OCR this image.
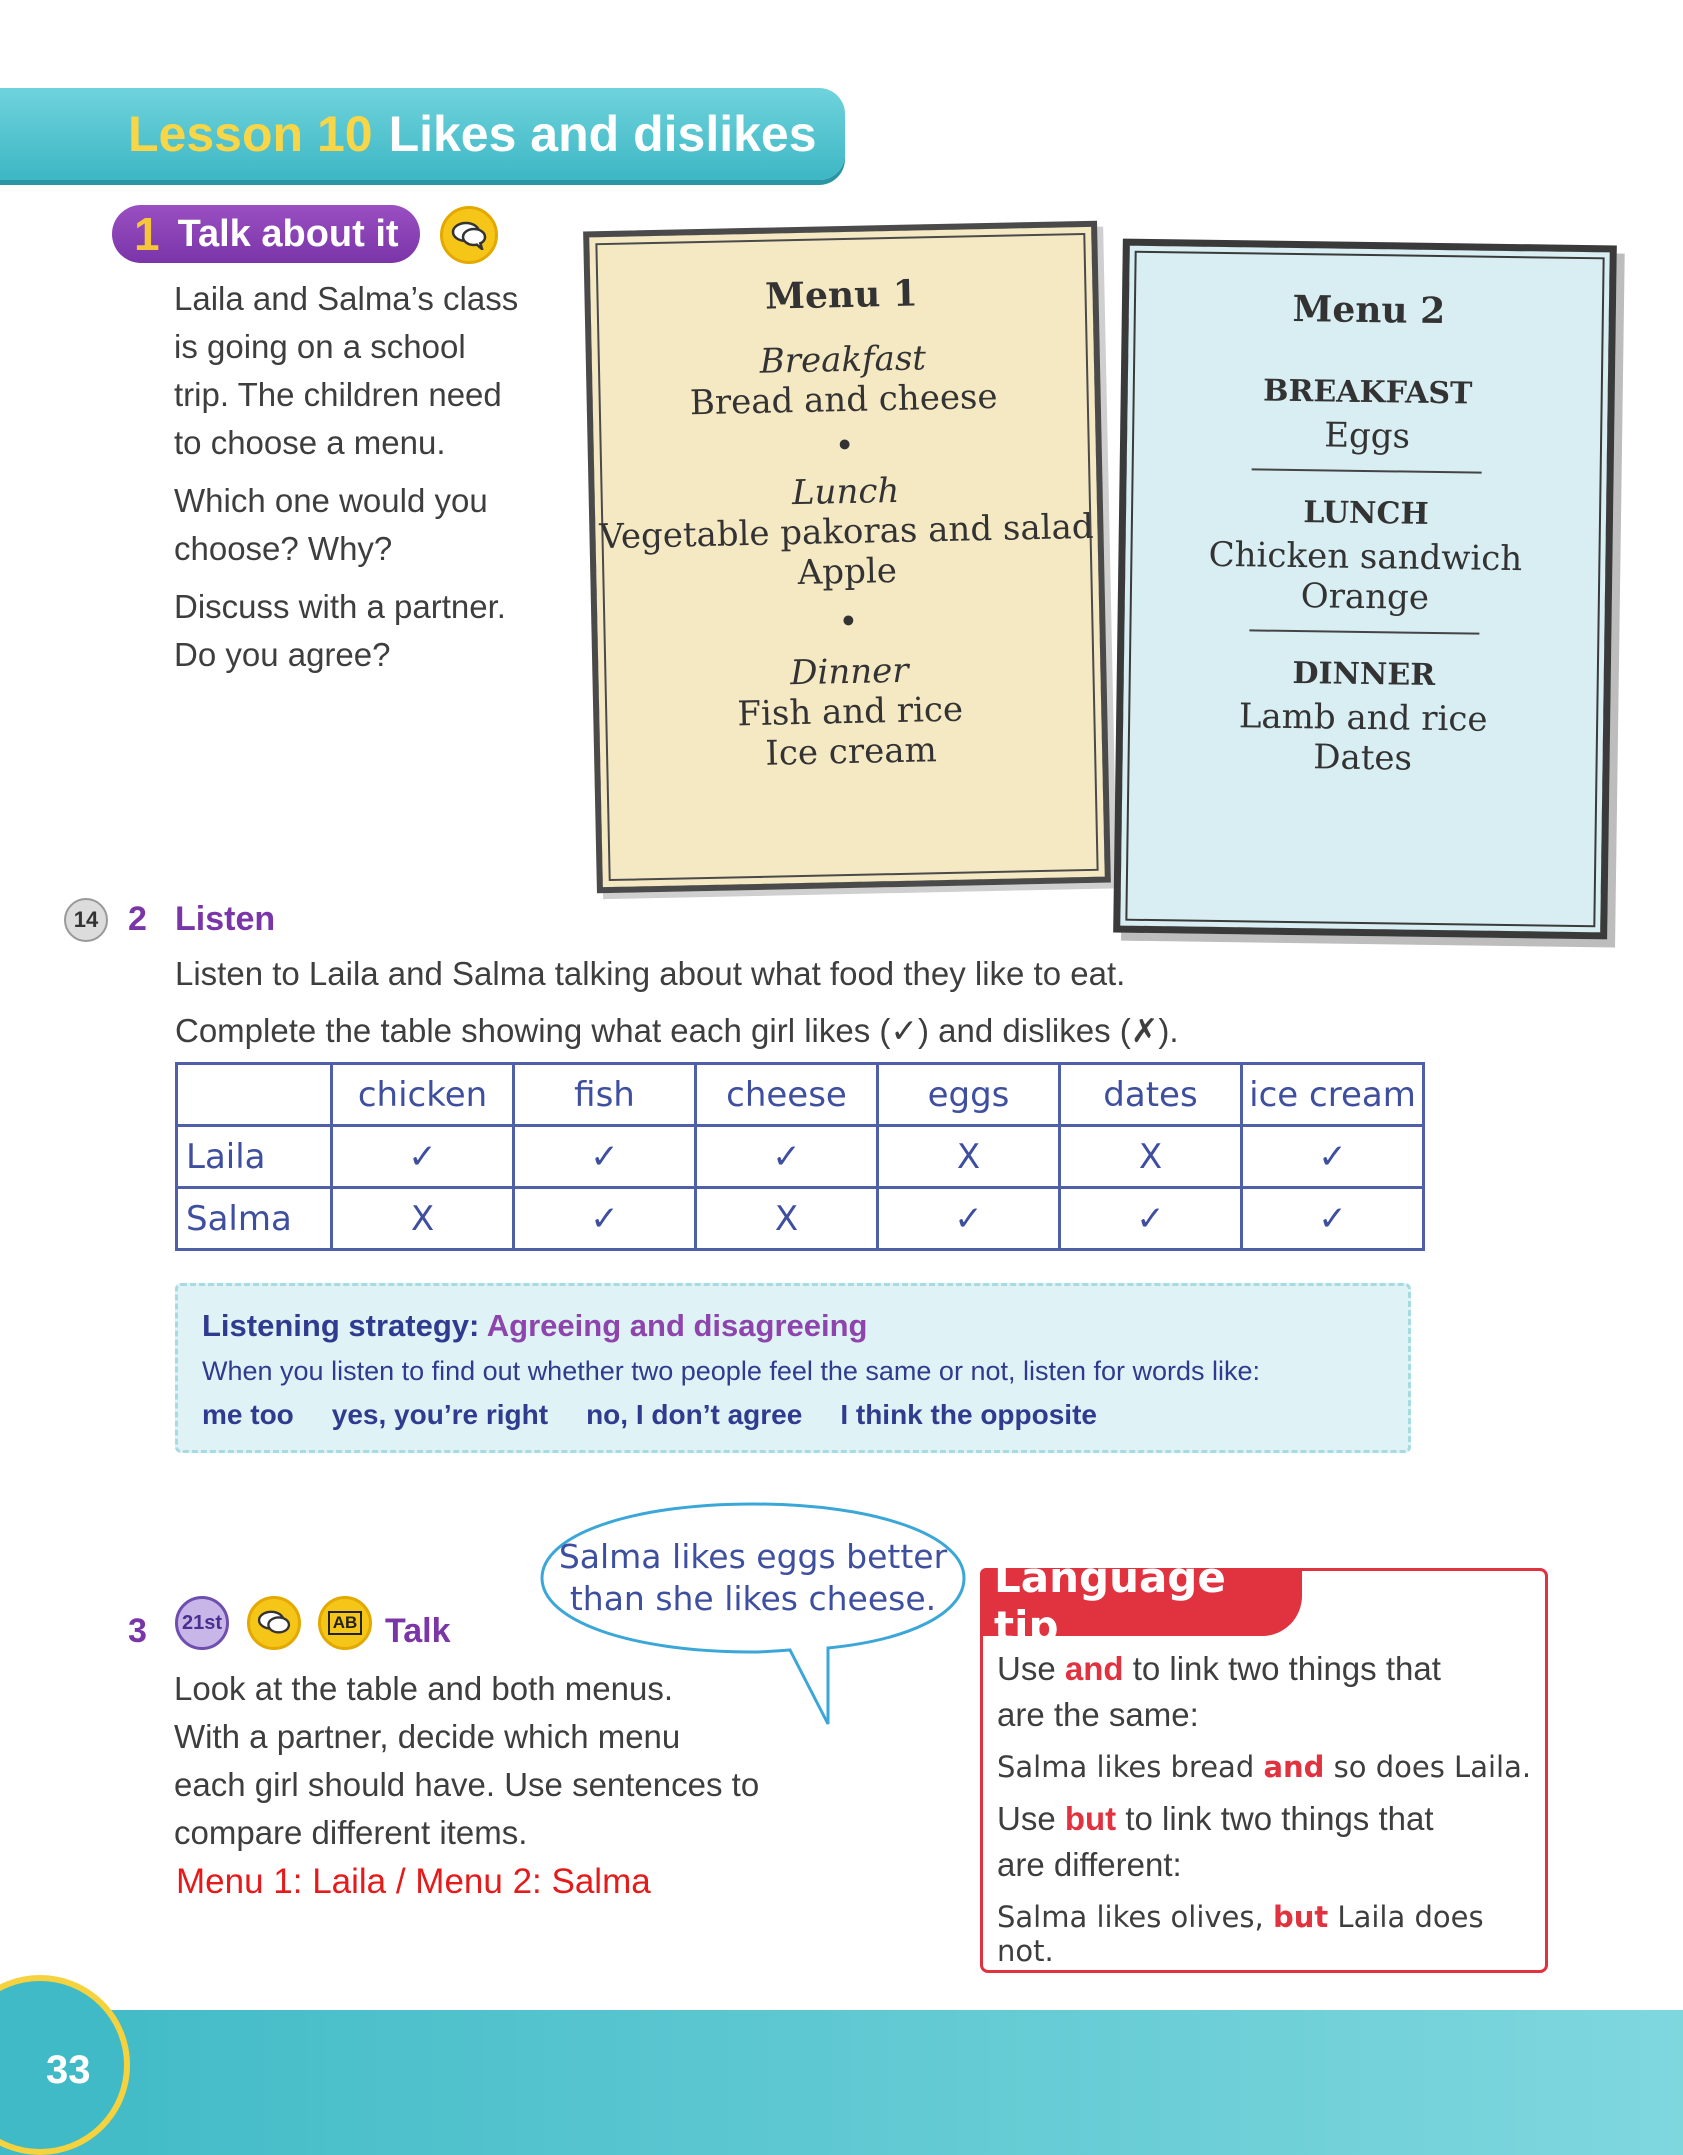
Lesson 10 Likes and dislikes
1 Talk about it
Laila and Salma’s class
is going on a school
trip. The children need
to choose a menu.
Which one would you
choose? Why?
Discuss with a partner.
Do you agree?
Menu 1
Breakfast
Bread and cheese
•
Lunch
Vegetable pakoras and salad
Apple
•
Dinner
Fish and rice
Ice cream
Menu 2
BREAKFAST
Eggs
LUNCH
Chicken sandwich
Orange
DINNER
Lamb and rice
Dates
14 2 Listen
Listen to Laila and Salma talking about what food they like to eat.
Complete the table showing what each girl likes (✓) and dislikes (✗).
	chicken	fish	cheese	eggs	dates	ice cream
Laila	✓	✓	✓	X	X	✓
Salma	X	✓	X	✓	✓	✓
Listening strategy: Agreeing and disagreeing
When you listen to find out whether two people feel the same or not, listen for words like:
me too yes, you’re right no, I don’t agree I think the opposite
Salma likes eggs better
than she likes cheese.
3 21st	AB Talk
Look at the table and both menus.
With a partner, decide which menu
each girl should have. Use sentences to
compare different items.
Menu 1: Laila / Menu 2: Salma
Language tip
Use and to link two things that
are the same:
Salma likes bread and so does Laila.
Use but to link two things that
are different:
Salma likes olives, but Laila does not.
33
